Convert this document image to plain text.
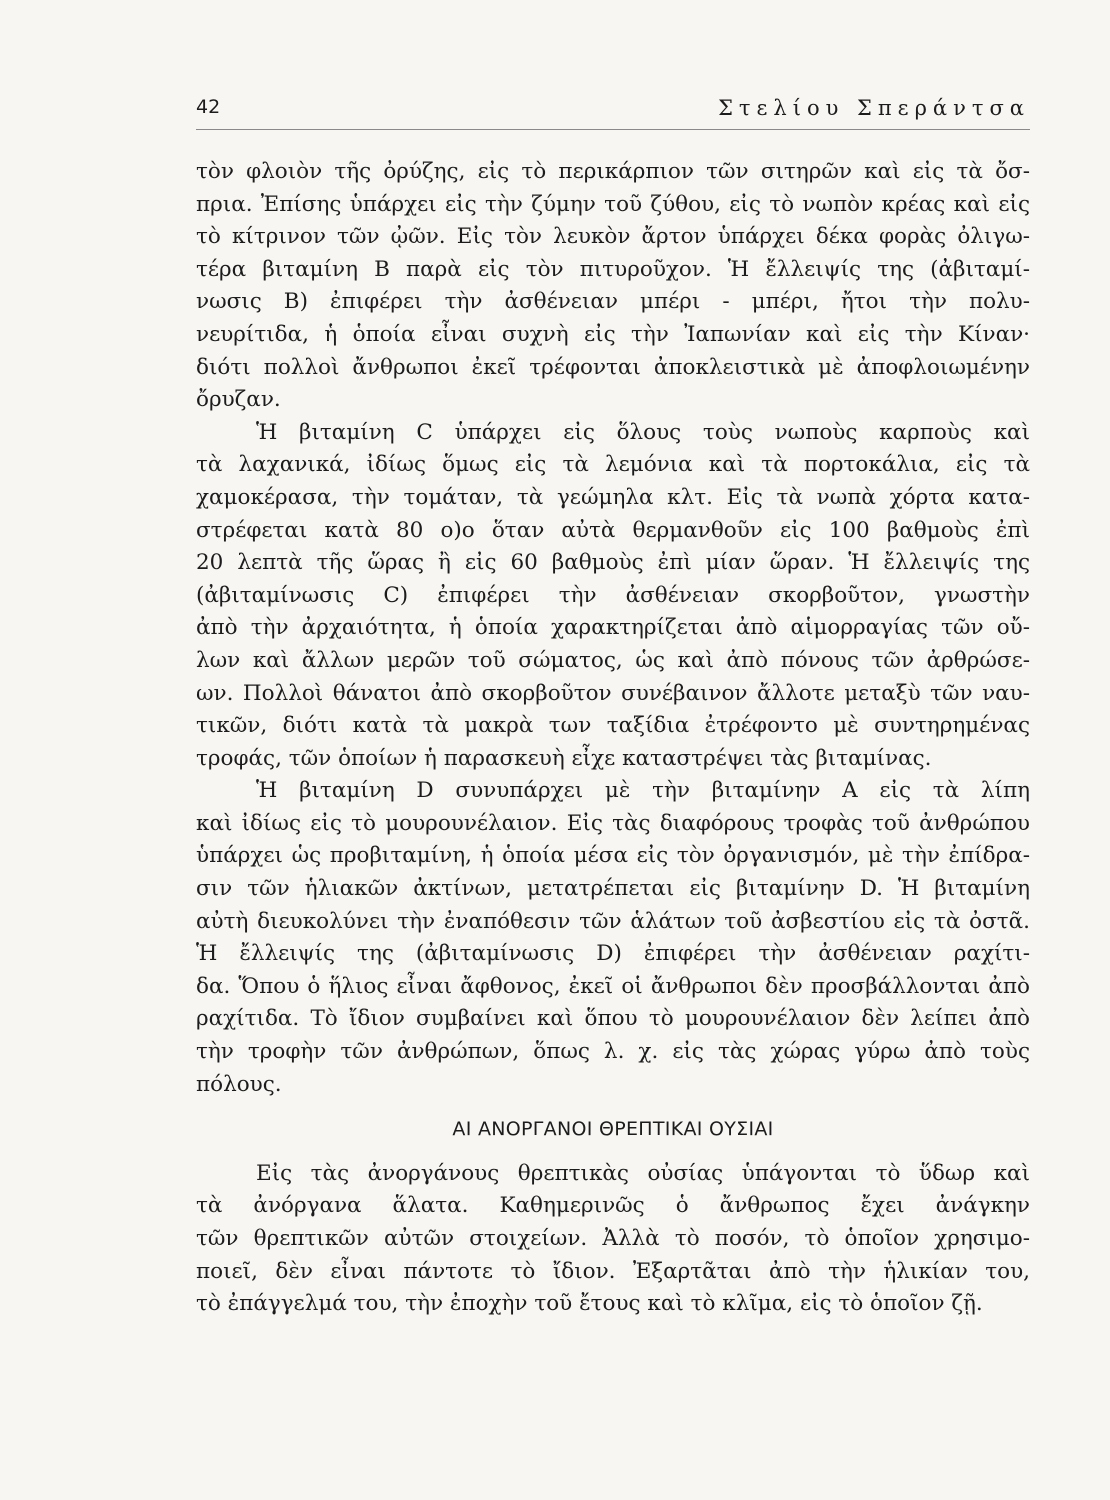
42	Στελίου Σπεράντσα
τὸν φλοιὸν τῆς ὀρύζης, εἰς τὸ περικάρπιον τῶν σιτηρῶν καὶ εἰς τὰ ὄσ-
πρια. Ἐπίσης ὑπάρχει εἰς τὴν ζύμην τοῦ ζύθου, εἰς τὸ νωπὸν κρέας καὶ εἰς
τὸ κίτρινον τῶν ᾠῶν. Εἰς τὸν λευκὸν ἄρτον ὑπάρχει δέκα φορὰς ὀλιγω-
τέρα βιταμίνη B παρὰ εἰς τὸν πιτυροῦχον. Ἡ ἔλλειψίς της (ἀβιταμί-
νωσις B) ἐπιφέρει τὴν ἀσθένειαν μπέρι - μπέρι, ἤτοι τὴν πολυ-
νευρίτιδα, ἡ ὁποία εἶναι συχνὴ εἰς τὴν Ἰαπωνίαν καὶ εἰς τὴν Κίναν·
διότι πολλοὶ ἄνθρωποι ἐκεῖ τρέφονται ἀποκλειστικὰ μὲ ἀποφλοιωμένην
ὄρυζαν.
Ἡ βιταμίνη C ὑπάρχει εἰς ὅλους τοὺς νωποὺς καρποὺς καὶ
τὰ λαχανικά, ἰδίως ὅμως εἰς τὰ λεμόνια καὶ τὰ πορτοκάλια, εἰς τὰ
χαμοκέρασα, τὴν τομάταν, τὰ γεώμηλα κλτ. Εἰς τὰ νωπὰ χόρτα κατα-
στρέφεται κατὰ 80 ο)ο ὅταν αὐτὰ θερμανθοῦν εἰς 100 βαθμοὺς ἐπὶ
20 λεπτὰ τῆς ὥρας ἢ εἰς 60 βαθμοὺς ἐπὶ μίαν ὥραν. Ἡ ἔλλειψίς της
(ἀβιταμίνωσις C) ἐπιφέρει τὴν ἀσθένειαν σκορβοῦτον, γνωστὴν
ἀπὸ τὴν ἀρχαιότητα, ἡ ὁποία χαρακτηρίζεται ἀπὸ αἱμορραγίας τῶν οὔ-
λων καὶ ἄλλων μερῶν τοῦ σώματος, ὡς καὶ ἀπὸ πόνους τῶν ἀρθρώσε-
ων. Πολλοὶ θάνατοι ἀπὸ σκορβοῦτον συνέβαινον ἄλλοτε μεταξὺ τῶν ναυ-
τικῶν, διότι κατὰ τὰ μακρὰ των ταξίδια ἐτρέφοντο μὲ συντηρημένας
τροφάς, τῶν ὁποίων ἡ παρασκευὴ εἶχε καταστρέψει τὰς βιταμίνας.
Ἡ βιταμίνη D συνυπάρχει μὲ τὴν βιταμίνην A εἰς τὰ λίπη
καὶ ἰδίως εἰς τὸ μουρουνέλαιον. Εἰς τὰς διαφόρους τροφὰς τοῦ ἀνθρώπου
ὑπάρχει ὡς προβιταμίνη, ἡ ὁποία μέσα εἰς τὸν ὀργανισμόν, μὲ τὴν ἐπίδρα-
σιν τῶν ἡλιακῶν ἀκτίνων, μετατρέπεται εἰς βιταμίνην D. Ἡ βιταμίνη
αὐτὴ διευκολύνει τὴν ἐναπόθεσιν τῶν ἁλάτων τοῦ ἀσβεστίου εἰς τὰ ὀστᾶ.
Ἡ ἔλλειψίς της (ἀβιταμίνωσις D) ἐπιφέρει τὴν ἀσθένειαν ραχίτι-
δα. Ὅπου ὁ ἥλιος εἶναι ἄφθονος, ἐκεῖ οἱ ἄνθρωποι δὲν προσβάλλονται ἀπὸ
ραχίτιδα. Τὸ ἴδιον συμβαίνει καὶ ὅπου τὸ μουρουνέλαιον δὲν λείπει ἀπὸ
τὴν τροφὴν τῶν ἀνθρώπων, ὅπως λ. χ. εἰς τὰς χώρας γύρω ἀπὸ τοὺς
πόλους.
ΑΙ ΑΝΟΡΓΑΝΟΙ ΘΡΕΠΤΙΚΑΙ ΟΥΣΙΑΙ
Εἰς τὰς ἀνοργάνους θρεπτικὰς οὐσίας ὑπάγονται τὸ ὕδωρ καὶ
τὰ ἀνόργανα ἅλατα. Καθημερινῶς ὁ ἄνθρωπος ἔχει ἀνάγκην
τῶν θρεπτικῶν αὐτῶν στοιχείων. Ἀλλὰ τὸ ποσόν, τὸ ὁποῖον χρησιμο-
ποιεῖ, δὲν εἶναι πάντοτε τὸ ἴδιον. Ἐξαρτᾶται ἀπὸ τὴν ἡλικίαν του,
τὸ ἐπάγγελμά του, τὴν ἐποχὴν τοῦ ἔτους καὶ τὸ κλῖμα, εἰς τὸ ὁποῖον ζῇ.
